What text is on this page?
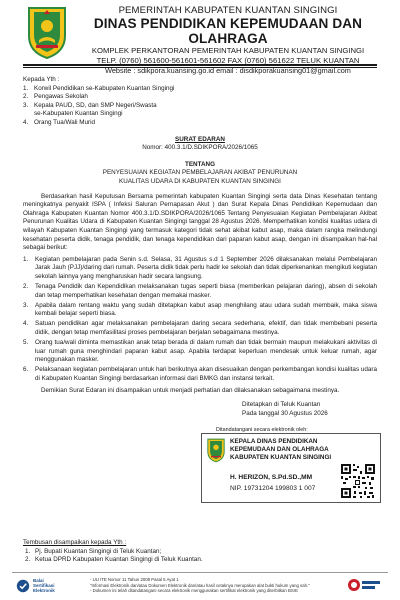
PEMERINTAH KABUPATEN KUANTAN SINGINGI
DINAS PENDIDIKAN KEPEMUDAAN DAN OLAHRAGA
KOMPLEK PERKANTORAN PEMERINTAH KABUPATEN KUANTAN SINGINGI
TELP. (0760) 561600-561601-561602 FAX (0760) 561622 TELUK KUANTAN
Website : sdikpora.kuansing.go.id email : disdikporakuansing01@gmail.com
Kepada Yth :
1. Korwil Pendidikan se-Kabupaten Kuantan Singingi
2. Pengawas Sekolah
3. Kepala PAUD, SD, dan SMP Negeri/Swasta
se-Kabupaten Kuantan Singingi
4. Orang Tua/Wali Murid
SURAT EDARAN
Nomor: 400.3.1/D.SDIKPORA/2026/1065
TENTANG
PENYESUAIAN KEGIATAN PEMBELAJARAN AKIBAT PENURUNAN
KUALITAS UDARA DI KABUPATEN KUANTAN SINGINGI
Berdasarkan hasil Keputusan Bersama pemerintah kabupaten Kuantan Singingi serta data Dinas Kesehatan tentang meningkatnya penyakit ISPA ( Infeksi Saluran Pernapasan Akut ) dan Surat Kepala Dinas Pendidikan Kepemudaan dan Olahraga Kabupaten Kuantan Nomor 400.3.1/D.SDIKPORA/2026/1065 Tentang Penyesuaian Kegiatan Pembelajaran Akibat Penurunan Kualitas Udara di Kabupaten Kuantan Singingi tanggal 28 Agustus 2026. Memperhatikan kondisi kualitas udara di wilayah Kabupaten Kuantan Singingi yang termasuk kategori tidak sehat akibat kabut asap, maka dalam rangka melindungi kesehatan peserta didik, tenaga pendidik, dan tenaga kependidikan dari paparan kabut asap, dengan ini disampaikan hal-hal sebagai berikut:
1.	Kegiatan pembelajaran pada Senin s.d. Selasa, 31 Agustus s.d 1 September 2026 dilaksanakan melalui Pembelajaran Jarak Jauh (PJJ)/daring dari rumah. Peserta didik tidak perlu hadir ke sekolah dan tidak diperkenankan mengikuti kegiatan sekolah lainnya yang mengharuskan hadir secara langsung.
2.	Tenaga Pendidik dan Kependidikan melaksanakan tugas seperti biasa (memberikan pelajaran daring), absen di sekolah dan tetap memperhatikan kesehatan dengan memakai masker.
3.	Apabila dalam rentang waktu yang sudah ditetapkan kabut asap menghilang atau udara sudah membaik, maka siswa kembali belajar seperti biasa.
4.	Satuan pendidikan agar melaksanakan pembelajaran daring secara sederhana, efektif, dan tidak membebani peserta didik, dengan tetap memfasilitasi proses pembelajaran berjalan sebagaimana mestinya.
5.	Orang tua/wali diminta memastikan anak tetap berada di dalam rumah dan tidak bermain maupun melakukani aktivitas di luar rumah guna menghindari paparan kabut asap. Apabila terdapat keperluan mendesak untuk keluar rumah, agar menggunakan masker.
6.	Pelaksanaan kegiatan pembelajaran untuk hari berikutnya akan disesuaikan dengan perkembangan kondisi kualitas udara di Kabupaten Kuantan Singingi berdasarkan informasi dari BMKG dan instansi terkait.
Demikian Surat Edaran ini disampaikan untuk menjadi perhatian dan dilaksanakan sebagaimana mestinya.
Ditetapkan di Teluk Kuantan
Pada tanggal 30 Agustus 2026
Ditandatangani secara elektronik oleh:
KEPALA DINAS PENDIDIKAN
KEPEMUDAAN DAN OLAHRAGA
KABUPATEN KUANTAN SINGINGI
H. HERIZON, S.Pd.SD.,MM
NIP. 19731204 199803 1 007
Tembusan disampaikan kepada Yth :
1. Pj. Bupati Kuantan Singingi di Teluk Kuantan;
2. Ketua DPRD Kabupaten Kuantan Singingi di Teluk Kuantan.
Balai
Sertifikasi
Elektronik
- UU ITE Nomor 11 Tahun 2008 Pasal 5 Ayat 1
"Informasi Elektronik dan/atau Dokumen Elektronik dan/atau hasil cetaknya merupakan alat bukti hukum yang sah."
- Dokumen ini telah ditandatangani secara elektronik menggunakan sertifikat elektronik yang diterbitkan BSrE
